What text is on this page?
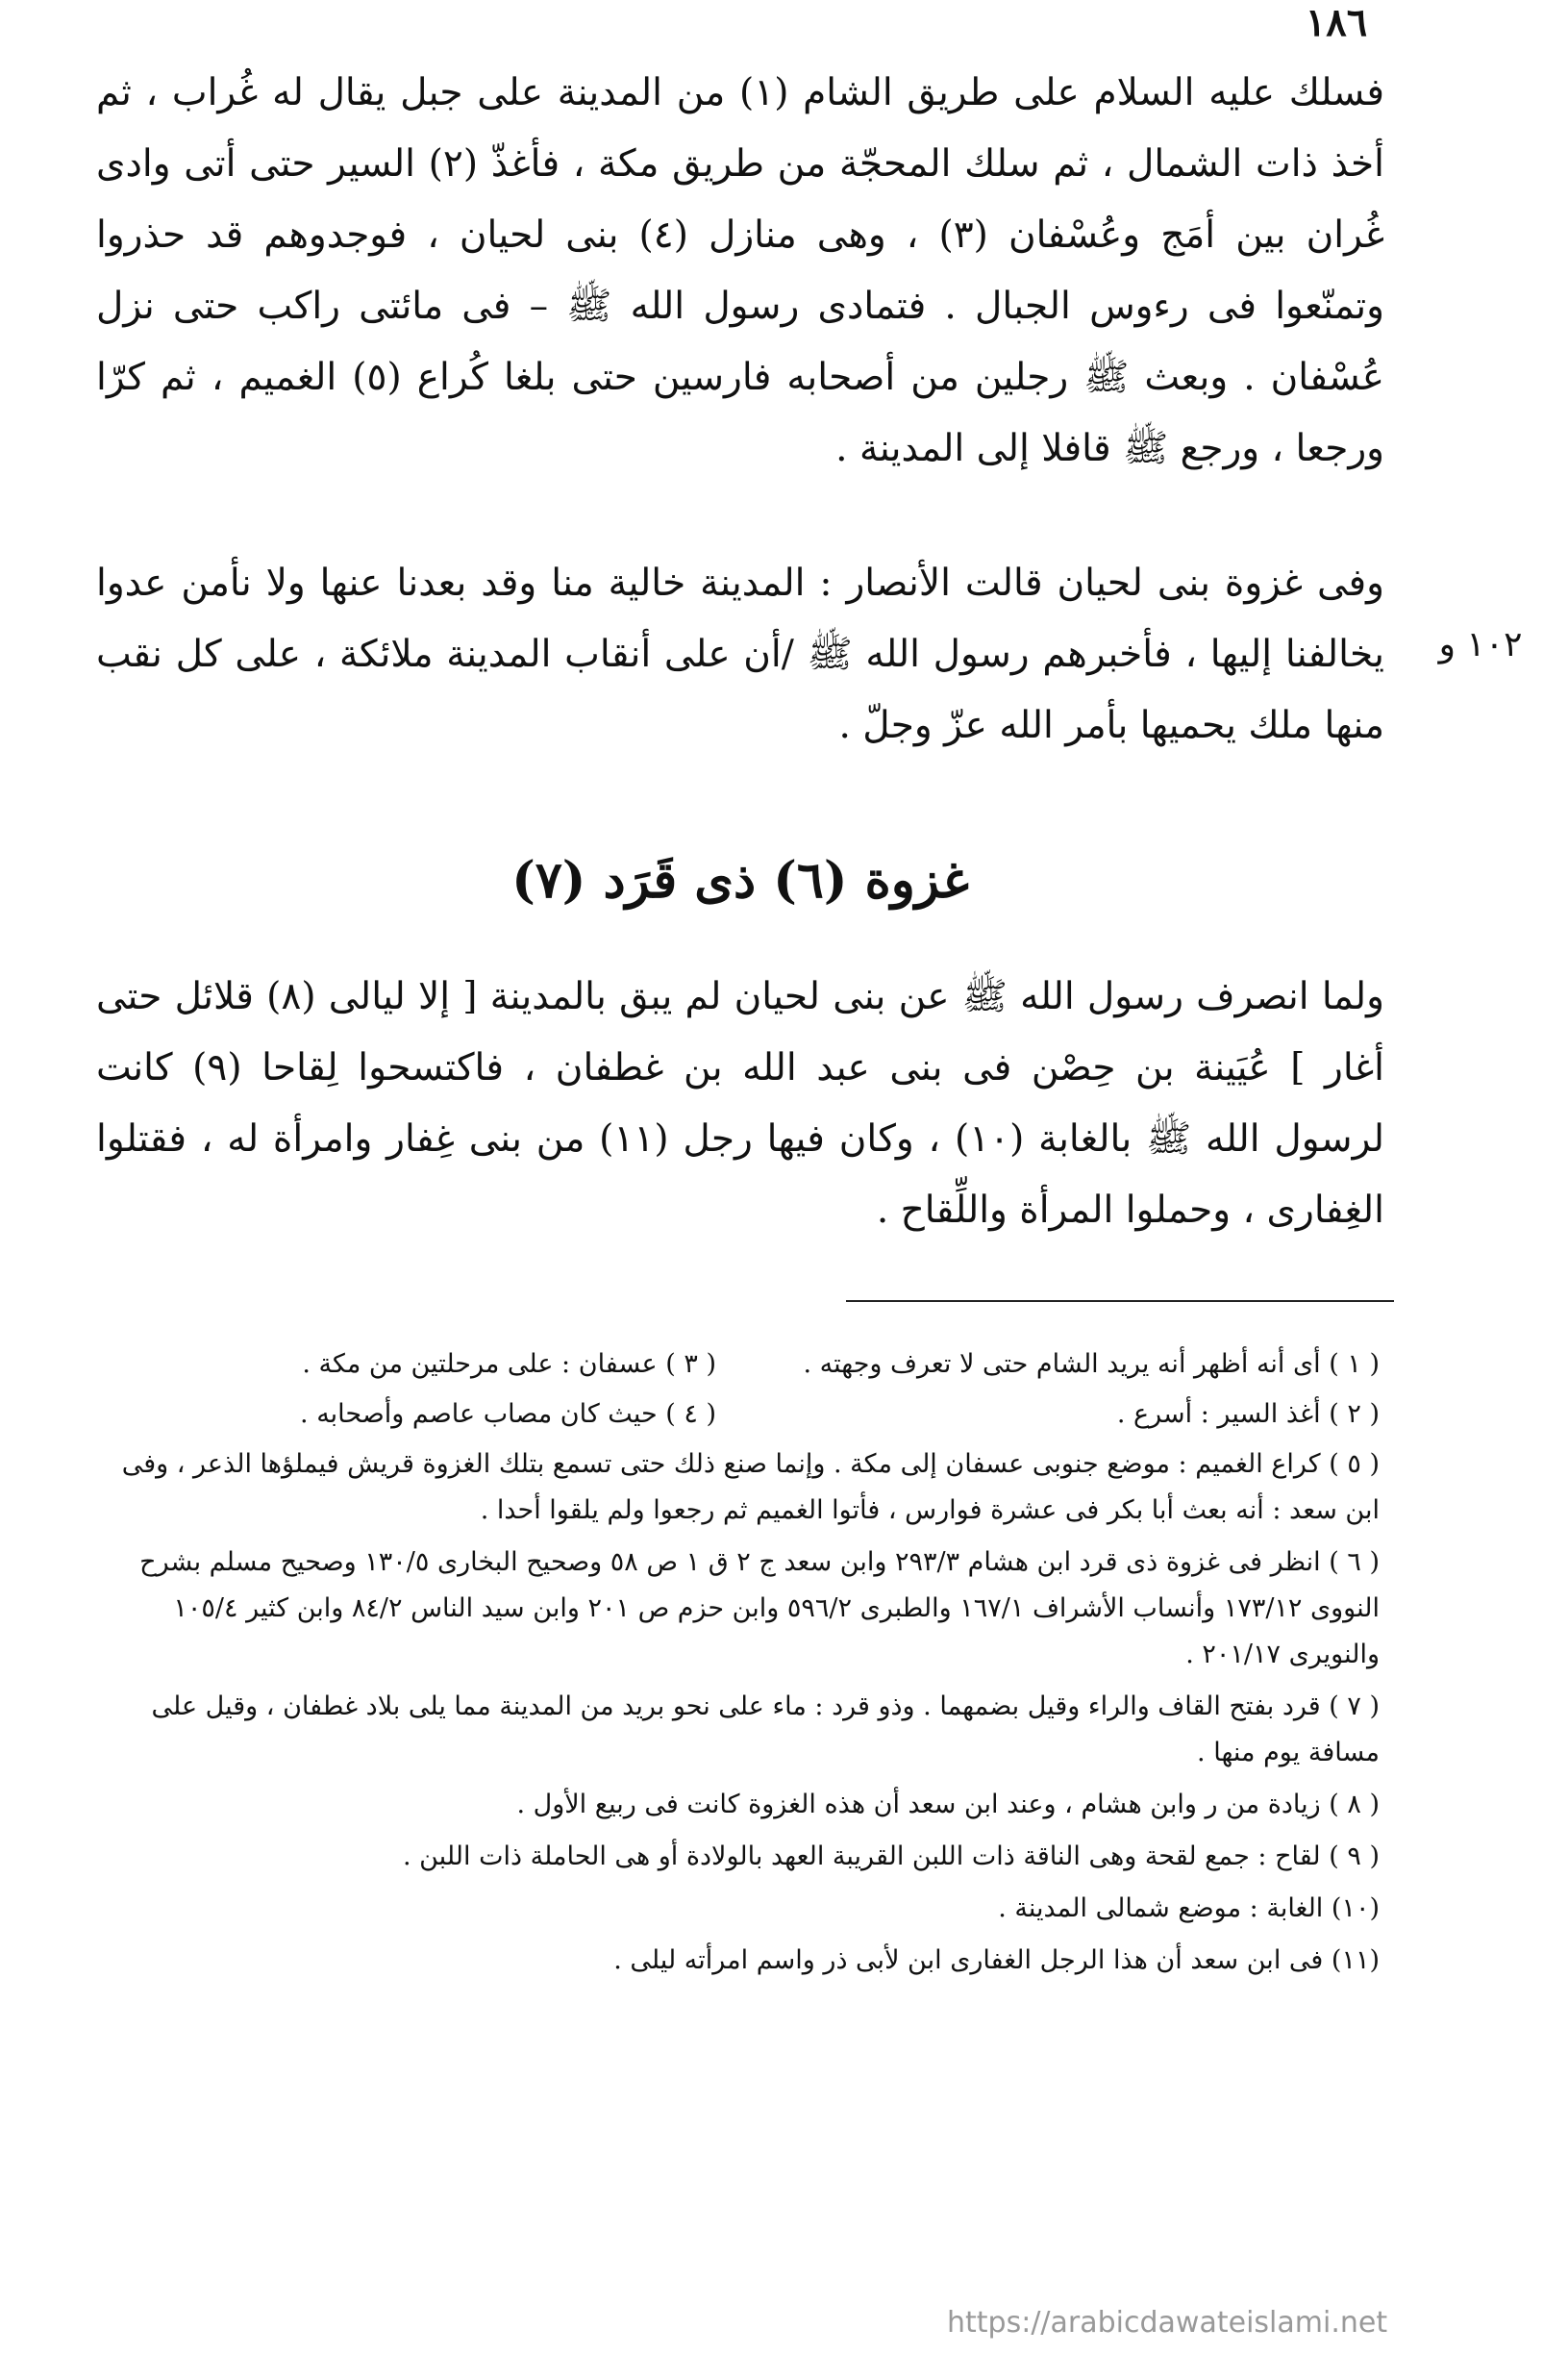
١٨٦

فسلك عليه السلام على طريق الشام (١) من المدينة على جبل يقال له غُراب ، ثم أخذ ذات الشمال ، ثم سلك المحجّة من طريق مكة ، فأغذّ (٢) السير حتى أتى وادى غُران بين أمَج وعُسْفان (٣) ، وهى منازل (٤) بنى لحيان ، فوجدوهم قد حذروا وتمنّعوا فى رءوس الجبال . فتمادى رسول الله ﷺ – فى مائتى راكب حتى نزل عُسْفان . وبعث ﷺ رجلين من أصحابه فارسين حتى بلغا كُراع (٥) الغميم ، ثم كرّا ورجعا ، ورجع ﷺ قافلا إلى المدينة .

وفى غزوة بنى لحيان قالت الأنصار : المدينة خالية منا وقد بعدنا عنها ولا نأمن عدوا يخالفنا إليها ، فأخبرهم رسول الله ﷺ /أن على أنقاب المدينة ملائكة ، على كل نقب منها ملك يحميها بأمر الله عزّ وجلّ .

ولما انصرف رسول الله ﷺ عن بنى لحيان لم يبق بالمدينة [ إلا ليالى (٨) قلائل حتى أغار ] عُيَينة بن حِصْن فى بنى عبد الله بن غطفان ، فاكتسحوا لِقاحا (٩) كانت لرسول الله ﷺ بالغابة (١٠) ، وكان فيها رجل (١١) من بنى غِفار وامرأة له ، فقتلوا الغِفارى ، وحملوا المرأة واللِّقاح .

١٠٢ و
غزوة (٦) ذى قَرَد (٧)

( ١ ) أى أنه أظهر أنه يريد الشام حتى لا تعرف وجهته .

( ٣ ) عسفان : على مرحلتين من مكة .

( ٢ ) أغذ السير : أسرع .

( ٤ ) حيث كان مصاب عاصم وأصحابه .

( ٥ ) كراع الغميم : موضع جنوبى عسفان إلى مكة . وإنما صنع ذلك حتى تسمع بتلك الغزوة قريش فيملؤها الذعر ، وفى ابن سعد : أنه بعث أبا بكر فى عشرة فوارس ، فأتوا الغميم ثم رجعوا ولم يلقوا أحدا .

( ٦ ) انظر فى غزوة ذى قرد ابن هشام ٢٩٣/٣ وابن سعد ج ٢ ق ١ ص ٥٨ وصحيح البخارى ١٣٠/٥ وصحيح مسلم بشرح النووى ١٧٣/١٢ وأنساب الأشراف ١٦٧/١ والطبرى ٥٩٦/٢ وابن حزم ص ٢٠١ وابن سيد الناس ٨٤/٢ وابن كثير ١٠٥/٤ والنويرى ٢٠١/١٧ .

( ٧ ) قرد بفتح القاف والراء وقيل بضمهما . وذو قرد : ماء على نحو بريد من المدينة مما يلى بلاد غطفان ، وقيل على مسافة يوم منها .

( ٨ ) زيادة من ر وابن هشام ، وعند ابن سعد أن هذه الغزوة كانت فى ربيع الأول .

( ٩ ) لقاح : جمع لقحة وهى الناقة ذات اللبن القريبة العهد بالولادة أو هى الحاملة ذات اللبن .

(١٠) الغابة : موضع شمالى المدينة .

(١١) فى ابن سعد أن هذا الرجل الغفارى ابن لأبى ذر واسم امرأته ليلى .

https://arabicdawateislami.net
